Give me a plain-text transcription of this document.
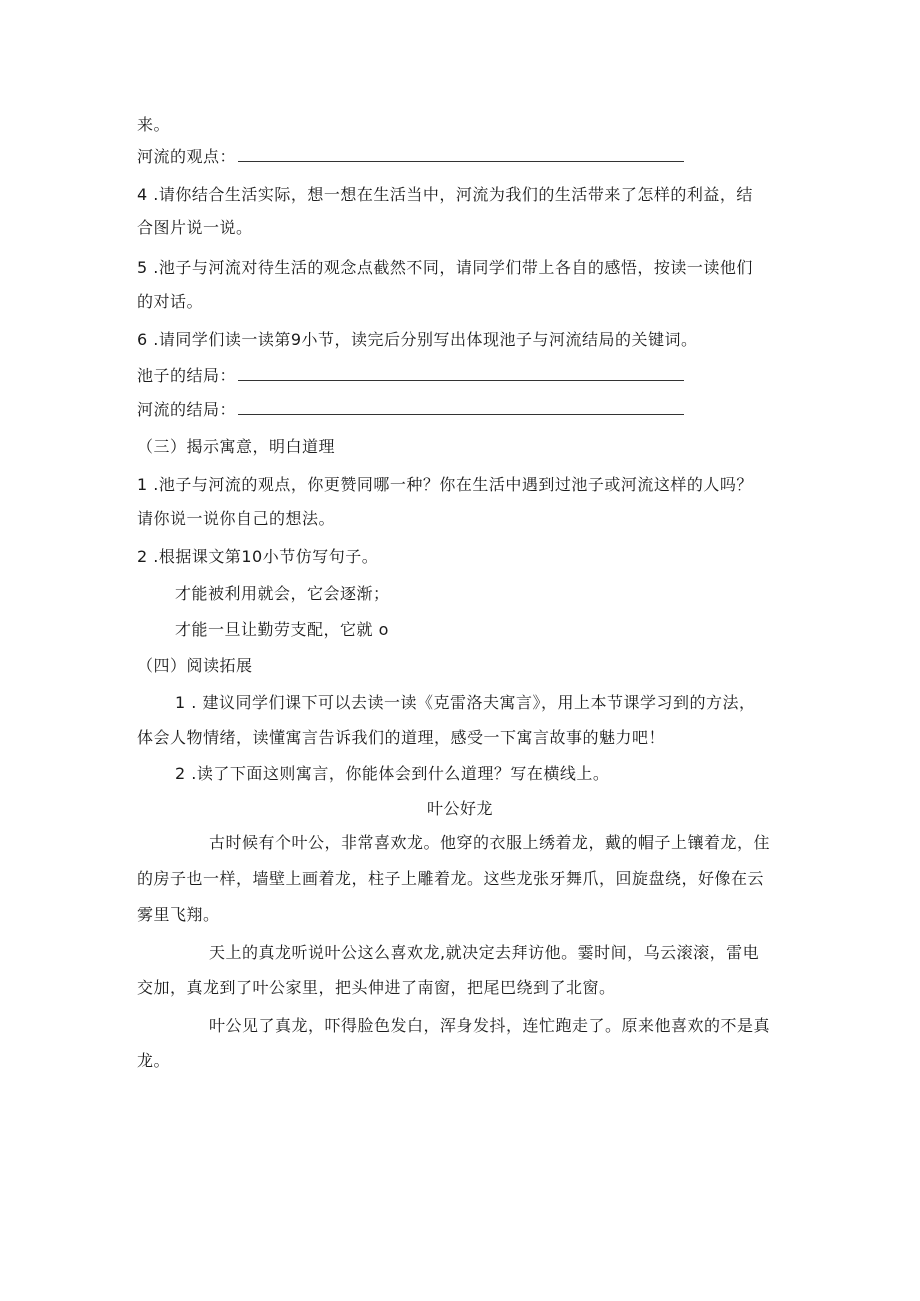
来。
河流的观点：
4 .请你结合生活实际，想一想在生活当中，河流为我们的生活带来了怎样的利益，结
合图片说一说。
5 .池子与河流对待生活的观念点截然不同，请同学们带上各自的感悟，按读一读他们
的对话。
6 .请同学们读一读第9小节，读完后分别写出体现池子与河流结局的关键词。
池子的结局：
河流的结局：
（三）揭示寓意，明白道理
1 .池子与河流的观点，你更赞同哪一种？你在生活中遇到过池子或河流这样的人吗？
请你说一说你自己的想法。
2 .根据课文第10小节仿写句子。
才能被利用就会，它会逐渐；
才能一旦让勤劳支配，它就 o
（四）阅读拓展
1 . 建议同学们课下可以去读一读《克雷洛夫寓言》，用上本节课学习到的方法，
体会人物情绪，读懂寓言告诉我们的道理，感受一下寓言故事的魅力吧！
2 .读了下面这则寓言，你能体会到什么道理？写在横线上。
叶公好龙
古时候有个叶公，非常喜欢龙。他穿的衣服上绣着龙，戴的帽子上镶着龙，住
的房子也一样，墙壁上画着龙，柱子上雕着龙。这些龙张牙舞爪，回旋盘绕，好像在云
雾里飞翔。
天上的真龙听说叶公这么喜欢龙,就决定去拜访他。霎时间，乌云滚滚，雷电
交加，真龙到了叶公家里，把头伸进了南窗，把尾巴绕到了北窗。
叶公见了真龙，吓得脸色发白，浑身发抖，连忙跑走了。原来他喜欢的不是真
龙。
